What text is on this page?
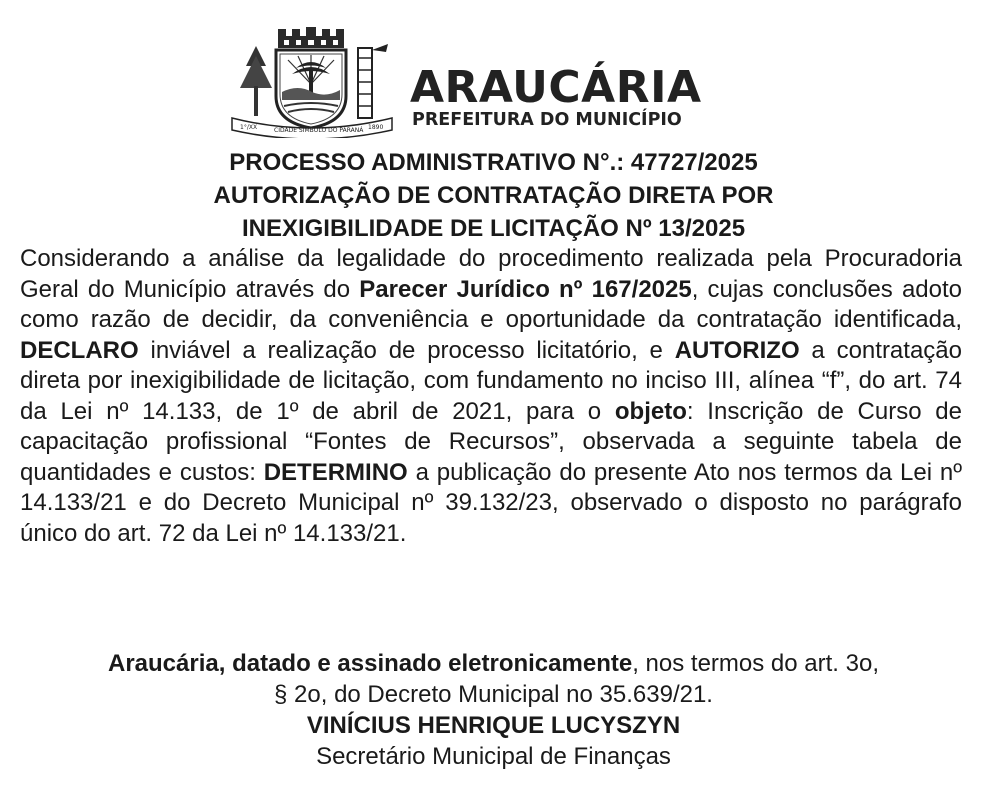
1°/XX	CIDADE SÍMBOLO DO PARANÁ 1890
ARAUCÁRIA
PREFEITURA DO MUNICÍPIO
PROCESSO ADMINISTRATIVO N°.: 47727/2025
AUTORIZAÇÃO DE CONTRATAÇÃO DIRETA POR
INEXIGIBILIDADE DE LICITAÇÃO Nº 13/2025

Considerando a análise da legalidade do procedimento realizada pela Procuradoria Geral do Município através do Parecer Jurídico nº 167/2025, cujas conclusões adoto como razão de decidir, da conveniência e oportunidade da contratação identificada, DECLARO inviável a realização de processo licitatório, e AUTORIZO a contratação direta por inexigibilidade de licitação, com fundamento no inciso III, alínea “f”, do art. 74 da Lei nº 14.133, de 1º de abril de 2021, para o objeto: Inscrição de Curso de capacitação profissional “Fontes de Recursos”, observada a seguinte tabela de quantidades e custos: DETERMINO a publicação do presente Ato nos termos da Lei nº 14.133/21 e do Decreto Municipal nº 39.132/23, observado o disposto no parágrafo único do art. 72 da Lei nº 14.133/21.

Araucária, datado e assinado eletronicamente, nos termos do art. 3o,
§ 2o, do Decreto Municipal no 35.639/21.
VINÍCIUS HENRIQUE LUCYSZYN
Secretário Municipal de Finanças
